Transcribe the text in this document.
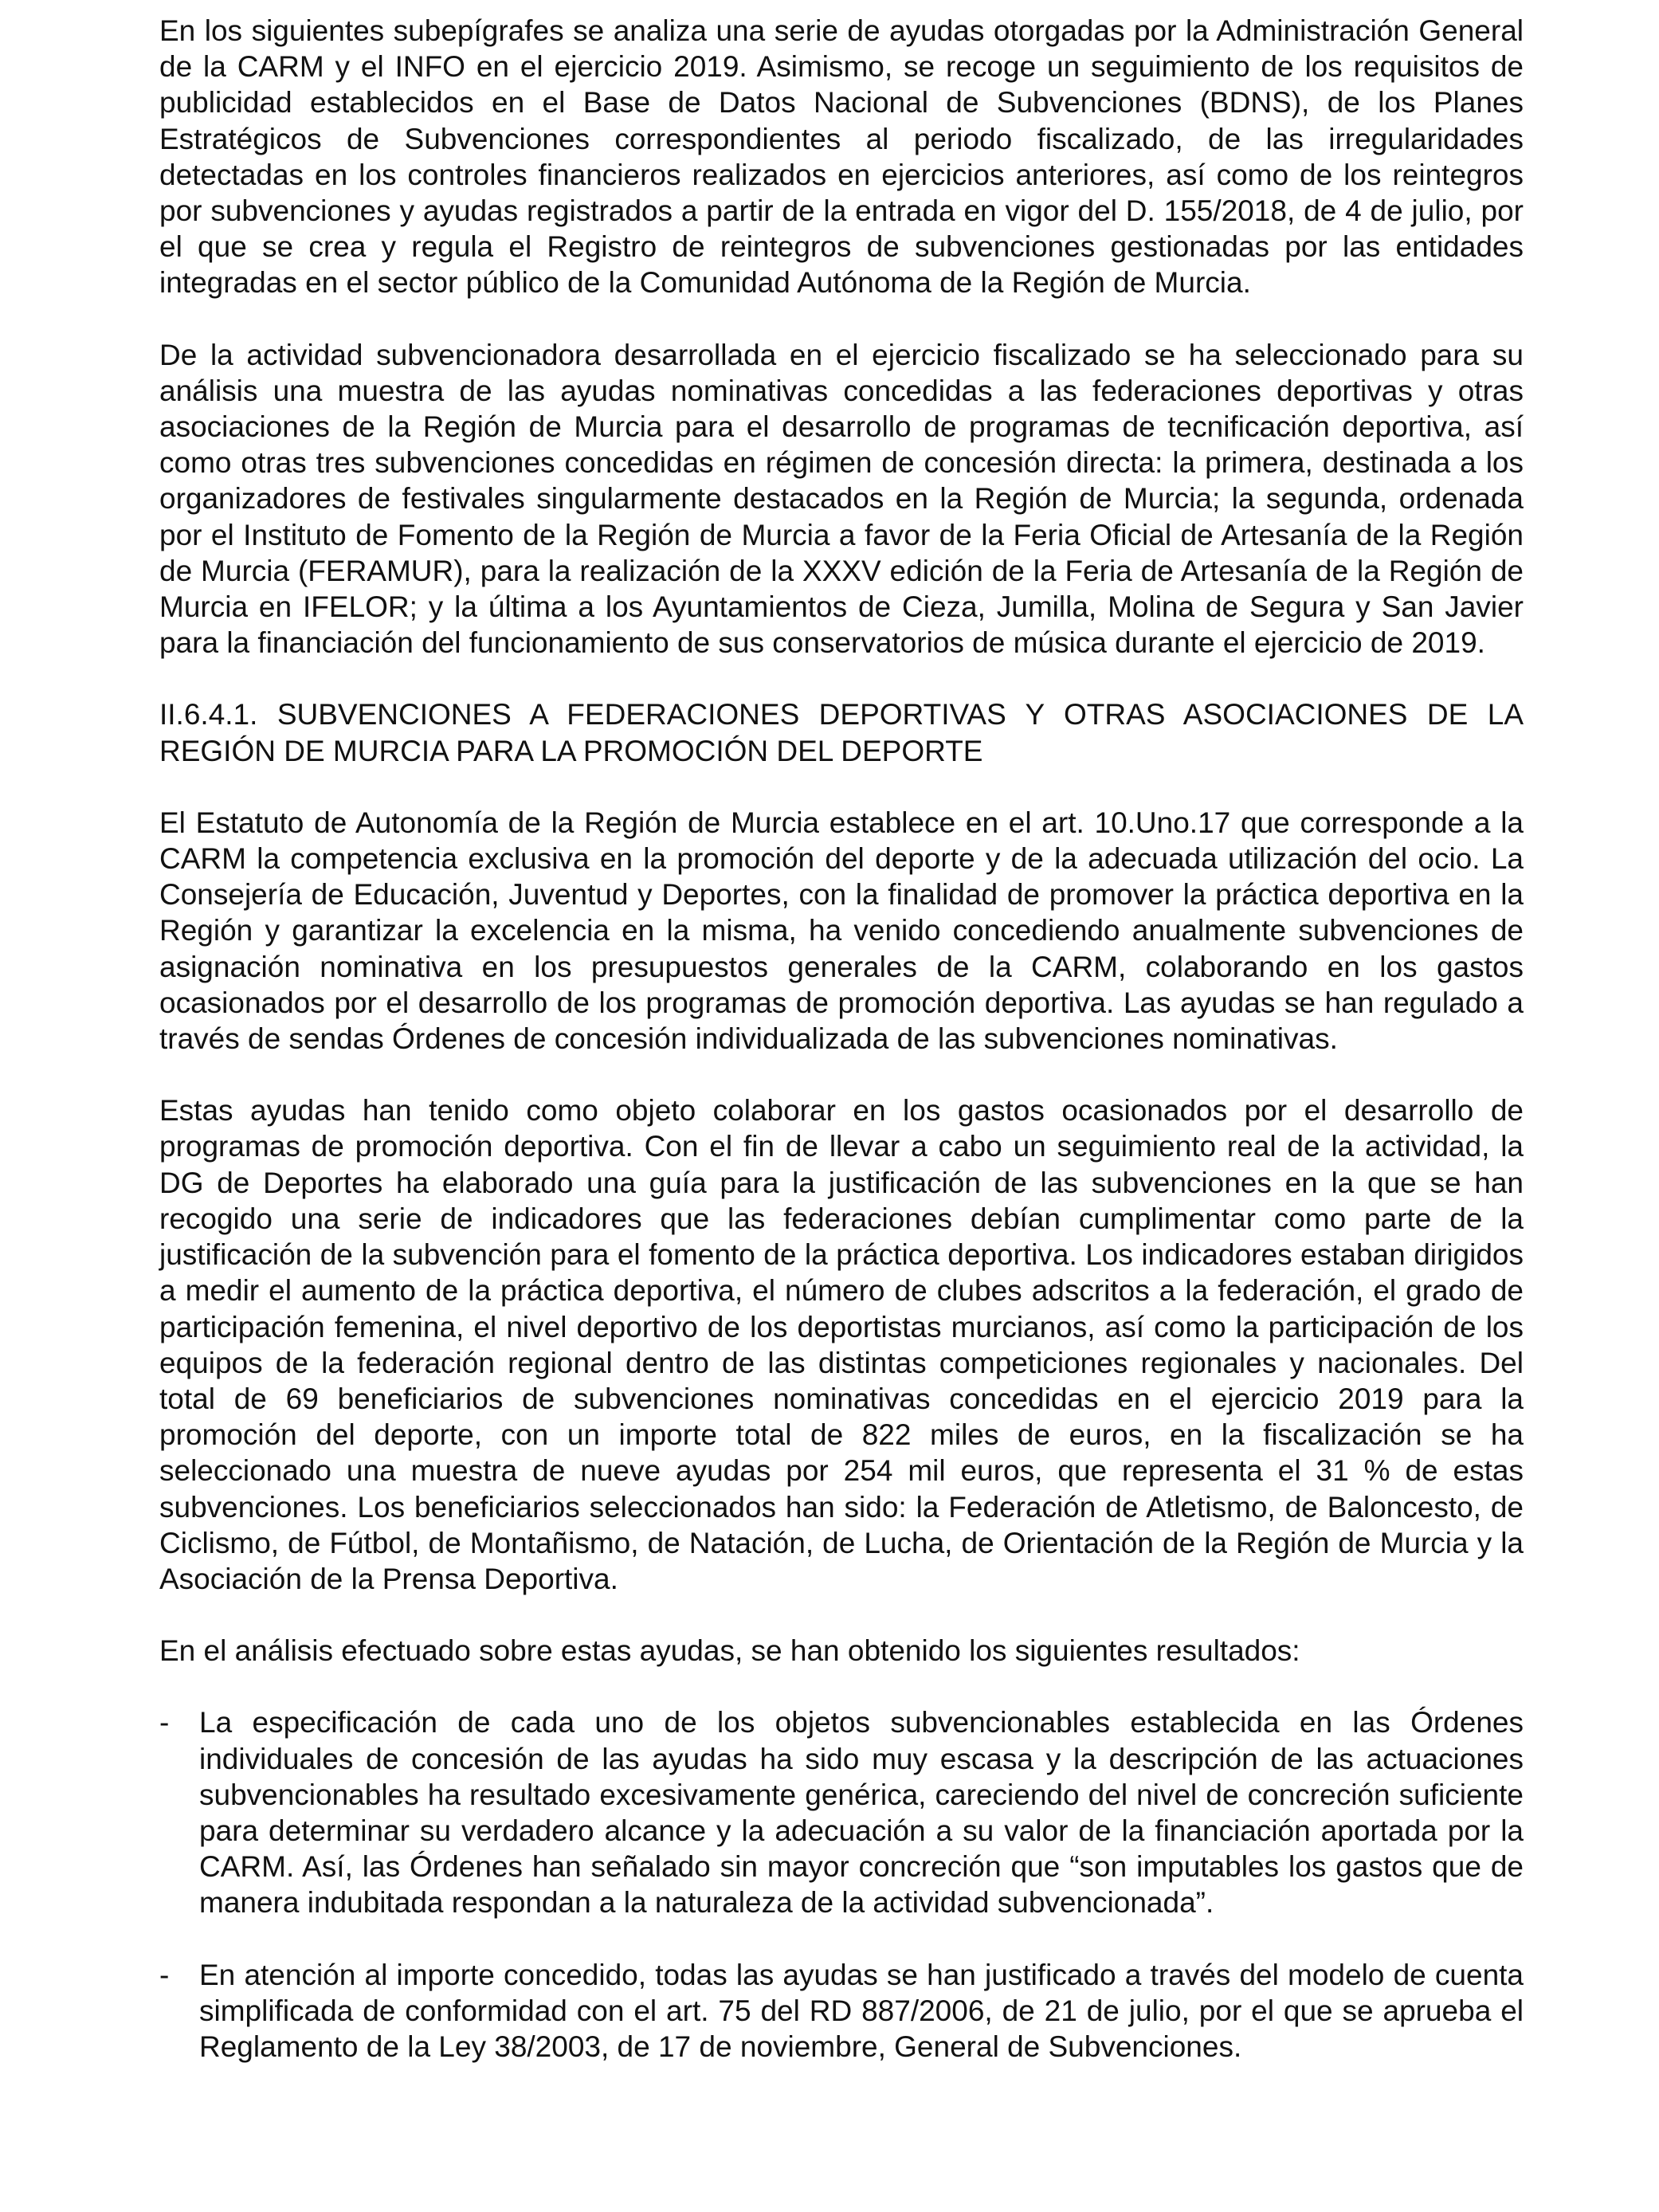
En los siguientes subepígrafes se analiza una serie de ayudas otorgadas por la Administración General de la CARM y el INFO en el ejercicio 2019. Asimismo, se recoge un seguimiento de los requisitos de publicidad establecidos en el Base de Datos Nacional de Subvenciones (BDNS), de los Planes Estratégicos de Subvenciones correspondientes al periodo fiscalizado, de las irregularidades detectadas en los controles financieros realizados en ejercicios anteriores, así como de los reintegros por subvenciones y ayudas registrados a partir de la entrada en vigor del D. 155/2018, de 4 de julio, por el que se crea y regula el Registro de reintegros de subvenciones gestionadas por las entidades integradas en el sector público de la Comunidad Autónoma de la Región de Murcia.

De la actividad subvencionadora desarrollada en el ejercicio fiscalizado se ha seleccionado para su análisis una muestra de las ayudas nominativas concedidas a las federaciones deportivas y otras asociaciones de la Región de Murcia para el desarrollo de programas de tecnificación deportiva, así como otras tres subvenciones concedidas en régimen de concesión directa: la primera, destinada a los organizadores de festivales singularmente destacados en la Región de Murcia; la segunda, ordenada por el Instituto de Fomento de la Región de Murcia a favor de la Feria Oficial de Artesanía de la Región de Murcia (FERAMUR), para la realización de la XXXV edición de la Feria de Artesanía de la Región de Murcia en IFELOR; y la última a los Ayuntamientos de Cieza, Jumilla, Molina de Segura y San Javier para la financiación del funcionamiento de sus conservatorios de música durante el ejercicio de 2019.

II.6.4.1. SUBVENCIONES A FEDERACIONES DEPORTIVAS Y OTRAS ASOCIACIONES DE LA REGIÓN DE MURCIA PARA LA PROMOCIÓN DEL DEPORTE

El Estatuto de Autonomía de la Región de Murcia establece en el art. 10.Uno.17 que corresponde a la CARM la competencia exclusiva en la promoción del deporte y de la adecuada utilización del ocio. La Consejería de Educación, Juventud y Deportes, con la finalidad de promover la práctica deportiva en la Región y garantizar la excelencia en la misma, ha venido concediendo anualmente subvenciones de asignación nominativa en los presupuestos generales de la CARM, colaborando en los gastos ocasionados por el desarrollo de los programas de promoción deportiva. Las ayudas se han regulado a través de sendas Órdenes de concesión individualizada de las subvenciones nominativas.

Estas ayudas han tenido como objeto colaborar en los gastos ocasionados por el desarrollo de programas de promoción deportiva. Con el fin de llevar a cabo un seguimiento real de la actividad, la DG de Deportes ha elaborado una guía para la justificación de las subvenciones en la que se han recogido una serie de indicadores que las federaciones debían cumplimentar como parte de la justificación de la subvención para el fomento de la práctica deportiva. Los indicadores estaban dirigidos a medir el aumento de la práctica deportiva, el número de clubes adscritos a la federación, el grado de participación femenina, el nivel deportivo de los deportistas murcianos, así como la participación de los equipos de la federación regional dentro de las distintas competiciones regionales y nacionales. Del total de 69 beneficiarios de subvenciones nominativas concedidas en el ejercicio 2019 para la promoción del deporte, con un importe total de 822 miles de euros, en la fiscalización se ha seleccionado una muestra de nueve ayudas por 254 mil euros, que representa el 31 % de estas subvenciones. Los beneficiarios seleccionados han sido: la Federación de Atletismo, de Baloncesto, de Ciclismo, de Fútbol, de Montañismo, de Natación, de Lucha, de Orientación de la Región de Murcia y la Asociación de la Prensa Deportiva.

En el análisis efectuado sobre estas ayudas, se han obtenido los siguientes resultados:

-	La especificación de cada uno de los objetos subvencionables establecida en las Órdenes individuales de concesión de las ayudas ha sido muy escasa y la descripción de las actuaciones subvencionables ha resultado excesivamente genérica, careciendo del nivel de concreción suficiente para determinar su verdadero alcance y la adecuación a su valor de la financiación aportada por la CARM. Así, las Órdenes han señalado sin mayor concreción que “son imputables los gastos que de manera indubitada respondan a la naturaleza de la actividad subvencionada”.
-	En atención al importe concedido, todas las ayudas se han justificado a través del modelo de cuenta simplificada de conformidad con el art. 75 del RD 887/2006, de 21 de julio, por el que se aprueba el Reglamento de la Ley 38/2003, de 17 de noviembre, General de Subvenciones.
